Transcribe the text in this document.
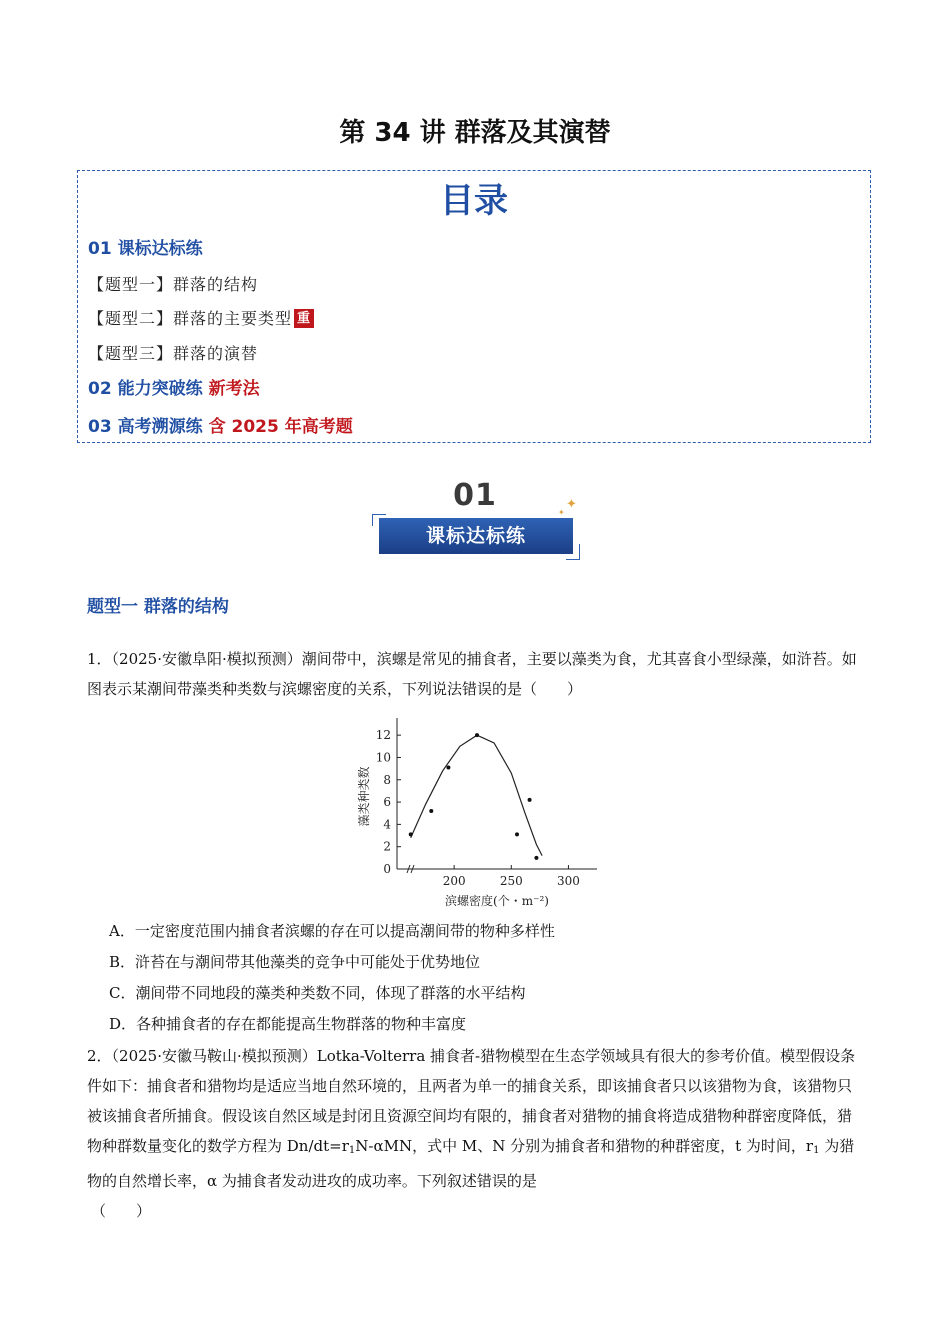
第 34 讲 群落及其演替
目录
01 课标达标练
【题型一】群落的结构
【题型二】群落的主要类型 重
【题型三】群落的演替
02 能力突破练 新考法
03 高考溯源练 含 2025 年高考题
01
课标达标练
✦
✦
题型一 群落的结构
1．（2025·安徽阜阳·模拟预测）潮间带中，滨螺是常见的捕食者，主要以藻类为食，尤其喜食小型绿藻，如浒苔。如图表示某潮间带藻类种类数与滨螺密度的关系，下列说法错误的是（　　）
0
2
4
6
8
10
12
200	250	300
滨螺密度(个・m⁻²)
藻类种类数
A．一定密度范围内捕食者滨螺的存在可以提高潮间带的物种多样性
B．浒苔在与潮间带其他藻类的竞争中可能处于优势地位
C．潮间带不同地段的藻类种类数不同，体现了群落的水平结构
D．各种捕食者的存在都能提高生物群落的物种丰富度
2．（2025·安徽马鞍山·模拟预测）Lotka-Volterra 捕食者-猎物模型在生态学领域具有很大的参考价值。模型假设条件如下：捕食者和猎物均是适应当地自然环境的，且两者为单一的捕食关系，即该捕食者只以该猎物为食，该猎物只被该捕食者所捕食。假设该自然区域是封闭且资源空间均有限的，捕食者对猎物的捕食将造成猎物种群密度降低，猎物种群数量变化的数学方程为 $Dn/dt=r_1N$-αMN，式中 M、N 分别为捕食者和猎物的种群密度，t 为时间，$r_1$ 为猎物的自然增长率，α 为捕食者发动进攻的成功率。下列叙述错误的是
（　　）
